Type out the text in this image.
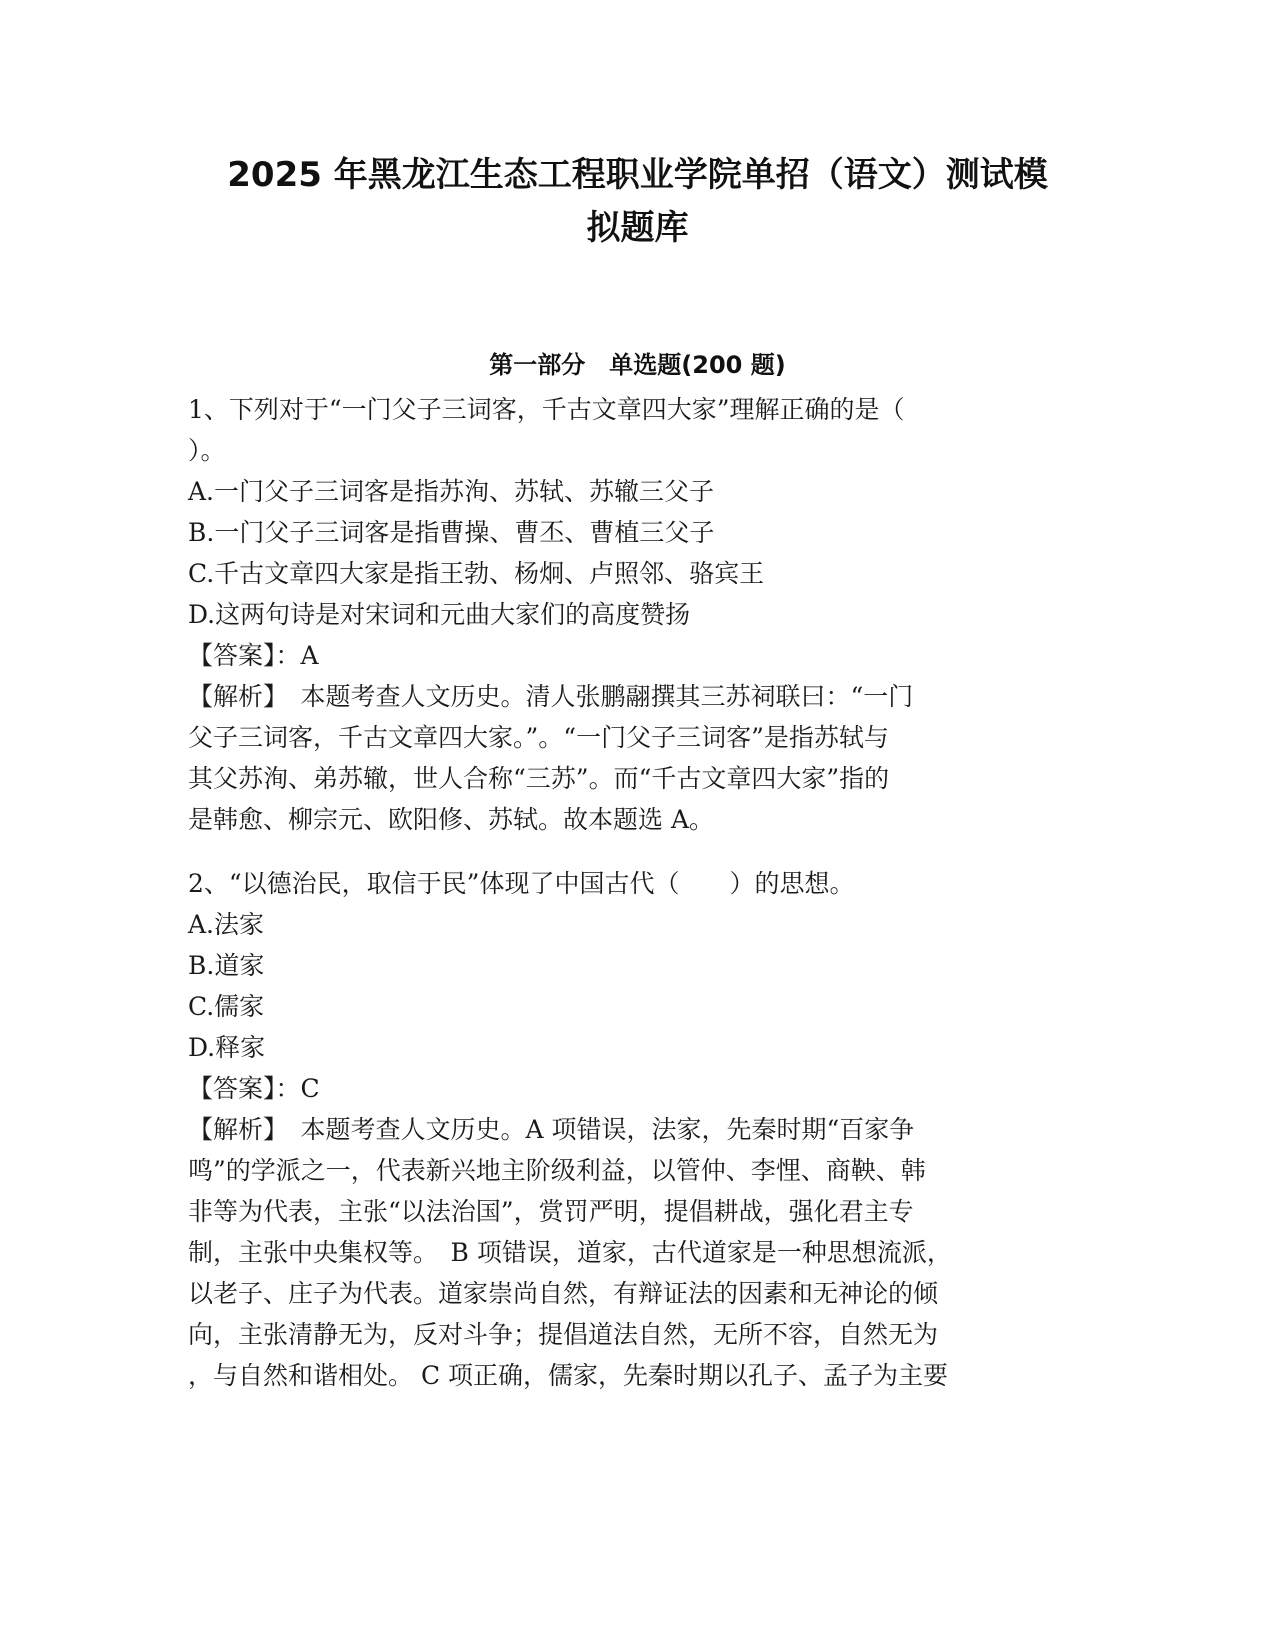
2025 年黑龙江生态工程职业学院单招（语文）测试模
拟题库
第一部分　单选题(200 题)
1、下列对于“一门父子三词客，千古文章四大家”理解正确的是（
）。
A.一门父子三词客是指苏洵、苏轼、苏辙三父子
B.一门父子三词客是指曹操、曹丕、曹植三父子
C.千古文章四大家是指王勃、杨炯、卢照邻、骆宾王
D.这两句诗是对宋词和元曲大家们的高度赞扬
【答案】：A
【解析】　本题考查人文历史。清人张鹏翮撰其三苏祠联曰：“一门
父子三词客，千古文章四大家。”。“一门父子三词客”是指苏轼与
其父苏洵、弟苏辙，世人合称“三苏”。而“千古文章四大家”指的
是韩愈、柳宗元、欧阳修、苏轼。故本题选 A。
2、“以德治民，取信于民”体现了中国古代（　　）的思想。
A.法家
B.道家
C.儒家
D.释家
【答案】：C
【解析】　本题考查人文历史。A 项错误，法家，先秦时期“百家争
鸣”的学派之一，代表新兴地主阶级利益，以管仲、李悝、商鞅、韩
非等为代表，主张“以法治国”，赏罚严明，提倡耕战，强化君主专
制，主张中央集权等。　B 项错误，道家，古代道家是一种思想流派，
以老子、庄子为代表。道家崇尚自然，有辩证法的因素和无神论的倾
向，主张清静无为，反对斗争；提倡道法自然，无所不容，自然无为
，与自然和谐相处。 C 项正确，儒家，先秦时期以孔子、孟子为主要
